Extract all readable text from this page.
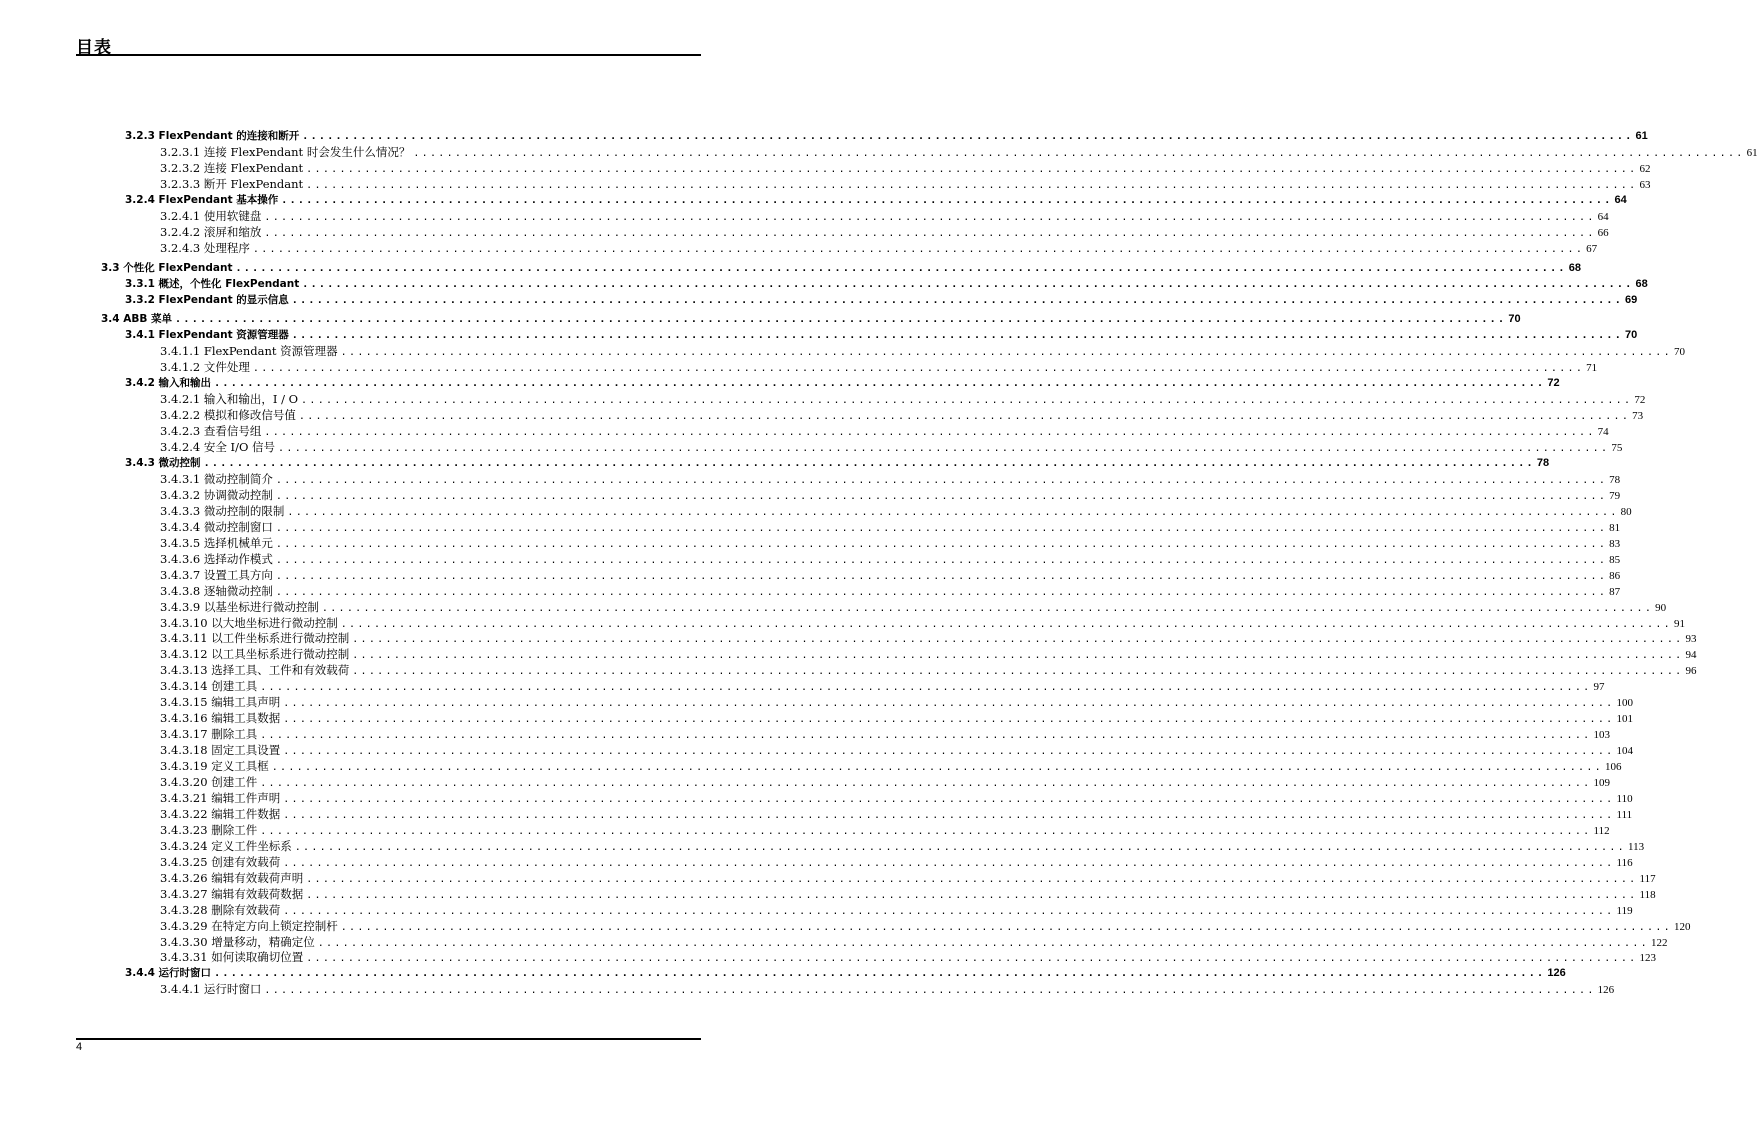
目表
3.2.3 FlexPendant 的连接和断开 ................................................................................................................................................................ 61
3.2.3.1 连接 FlexPendant 时会发生什么情况？ ................................................................................................................................................................ 61
3.2.3.2 连接 FlexPendant ................................................................................................................................................................ 62
3.2.3.3 断开 FlexPendant ................................................................................................................................................................ 63
3.2.4 FlexPendant 基本操作 ................................................................................................................................................................ 64
3.2.4.1 使用软键盘 ................................................................................................................................................................ 64
3.2.4.2 滚屏和缩放 ................................................................................................................................................................ 66
3.2.4.3 处理程序 ................................................................................................................................................................ 67
3.3 个性化 FlexPendant ................................................................................................................................................................ 68
3.3.1 概述，个性化 FlexPendant ................................................................................................................................................................ 68
3.3.2 FlexPendant 的显示信息 ................................................................................................................................................................ 69
3.4 ABB 菜单 ................................................................................................................................................................ 70
3.4.1 FlexPendant 资源管理器 ................................................................................................................................................................ 70
3.4.1.1 FlexPendant 资源管理器 ................................................................................................................................................................ 70
3.4.1.2 文件处理 ................................................................................................................................................................ 71
3.4.2 输入和输出 ................................................................................................................................................................ 72
3.4.2.1 输入和输出，I / O ................................................................................................................................................................ 72
3.4.2.2 模拟和修改信号值 ................................................................................................................................................................ 73
3.4.2.3 查看信号组 ................................................................................................................................................................ 74
3.4.2.4 安全 I/O 信号 ................................................................................................................................................................ 75
3.4.3 微动控制 ................................................................................................................................................................ 78
3.4.3.1 微动控制简介 ................................................................................................................................................................ 78
3.4.3.2 协调微动控制 ................................................................................................................................................................ 79
3.4.3.3 微动控制的限制 ................................................................................................................................................................ 80
3.4.3.4 微动控制窗口 ................................................................................................................................................................ 81
3.4.3.5 选择机械单元 ................................................................................................................................................................ 83
3.4.3.6 选择动作模式 ................................................................................................................................................................ 85
3.4.3.7 设置工具方向 ................................................................................................................................................................ 86
3.4.3.8 逐轴微动控制 ................................................................................................................................................................ 87
3.4.3.9 以基坐标进行微动控制 ................................................................................................................................................................ 90
3.4.3.10 以大地坐标进行微动控制 ................................................................................................................................................................ 91
3.4.3.11 以工件坐标系进行微动控制 ................................................................................................................................................................ 93
3.4.3.12 以工具坐标系进行微动控制 ................................................................................................................................................................ 94
3.4.3.13 选择工具、工件和有效载荷 ................................................................................................................................................................ 96
3.4.3.14 创建工具 ................................................................................................................................................................ 97
3.4.3.15 编辑工具声明 ................................................................................................................................................................ 100
3.4.3.16 编辑工具数据 ................................................................................................................................................................ 101
3.4.3.17 删除工具 ................................................................................................................................................................ 103
3.4.3.18 固定工具设置 ................................................................................................................................................................ 104
3.4.3.19 定义工具框 ................................................................................................................................................................ 106
3.4.3.20 创建工件 ................................................................................................................................................................ 109
3.4.3.21 编辑工件声明 ................................................................................................................................................................ 110
3.4.3.22 编辑工件数据 ................................................................................................................................................................ 111
3.4.3.23 删除工件 ................................................................................................................................................................ 112
3.4.3.24 定义工件坐标系 ................................................................................................................................................................ 113
3.4.3.25 创建有效载荷 ................................................................................................................................................................ 116
3.4.3.26 编辑有效载荷声明 ................................................................................................................................................................ 117
3.4.3.27 编辑有效载荷数据 ................................................................................................................................................................ 118
3.4.3.28 删除有效载荷 ................................................................................................................................................................ 119
3.4.3.29 在特定方向上锁定控制杆 ................................................................................................................................................................ 120
3.4.3.30 增量移动，精确定位 ................................................................................................................................................................ 122
3.4.3.31 如何读取确切位置 ................................................................................................................................................................ 123
3.4.4 运行时窗口 ................................................................................................................................................................ 126
3.4.4.1 运行时窗口 ................................................................................................................................................................ 126
4
